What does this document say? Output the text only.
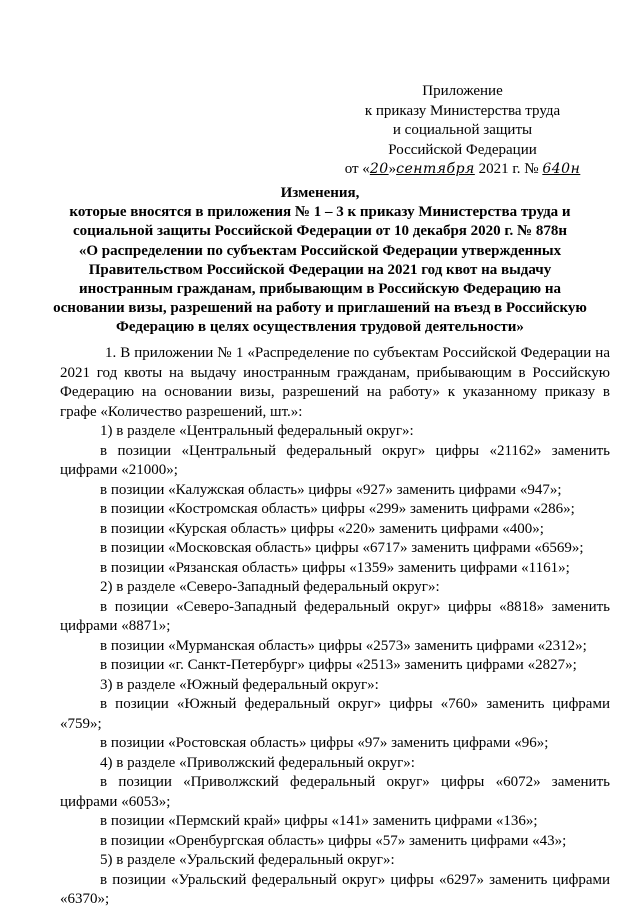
Приложение
к приказу Министерства труда
и социальной защиты
Российской Федерации
от «20»сентября 2021 г. № 640н
Изменения,
которые вносятся в приложения № 1 – 3 к приказу Министерства труда и
социальной защиты Российской Федерации от 10 декабря 2020 г. № 878н
«О распределении по субъектам Российской Федерации утвержденных
Правительством Российской Федерации на 2021 год квот на выдачу
иностранным гражданам, прибывающим в Российскую Федерацию на
основании визы, разрешений на работу и приглашений на въезд в Российскую
Федерацию в целях осуществления трудовой деятельности»

1. В приложении № 1 «Распределение по субъектам Российской Федерации на 2021 год квоты на выдачу иностранным гражданам, прибывающим в Российскую Федерацию на основании визы, разрешений на работу» к указанному приказу в графе «Количество разрешений, шт.»:

1) в разделе «Центральный федеральный округ»:

в позиции «Центральный федеральный округ» цифры «21162» заменить цифрами «21000»;

в позиции «Калужская область» цифры «927» заменить цифрами «947»;

в позиции «Костромская область» цифры «299» заменить цифрами «286»;

в позиции «Курская область» цифры «220» заменить цифрами «400»;

в позиции «Московская область» цифры «6717» заменить цифрами «6569»;

в позиции «Рязанская область» цифры «1359» заменить цифрами «1161»;

2) в разделе «Северо-Западный федеральный округ»:

в позиции «Северо-Западный федеральный округ» цифры «8818» заменить цифрами «8871»;

в позиции «Мурманская область» цифры «2573» заменить цифрами «2312»;

в позиции «г. Санкт-Петербург» цифры «2513» заменить цифрами «2827»;

3) в разделе «Южный федеральный округ»:

в позиции «Южный федеральный округ» цифры «760» заменить цифрами «759»;

в позиции «Ростовская область» цифры «97» заменить цифрами «96»;

4) в разделе «Приволжский федеральный округ»:

в позиции «Приволжский федеральный округ» цифры «6072» заменить цифрами «6053»;

в позиции «Пермский край» цифры «141» заменить цифрами «136»;

в позиции «Оренбургская область» цифры «57» заменить цифрами «43»;

5) в разделе «Уральский федеральный округ»:

в позиции «Уральский федеральный округ» цифры «6297» заменить цифрами «6370»;
